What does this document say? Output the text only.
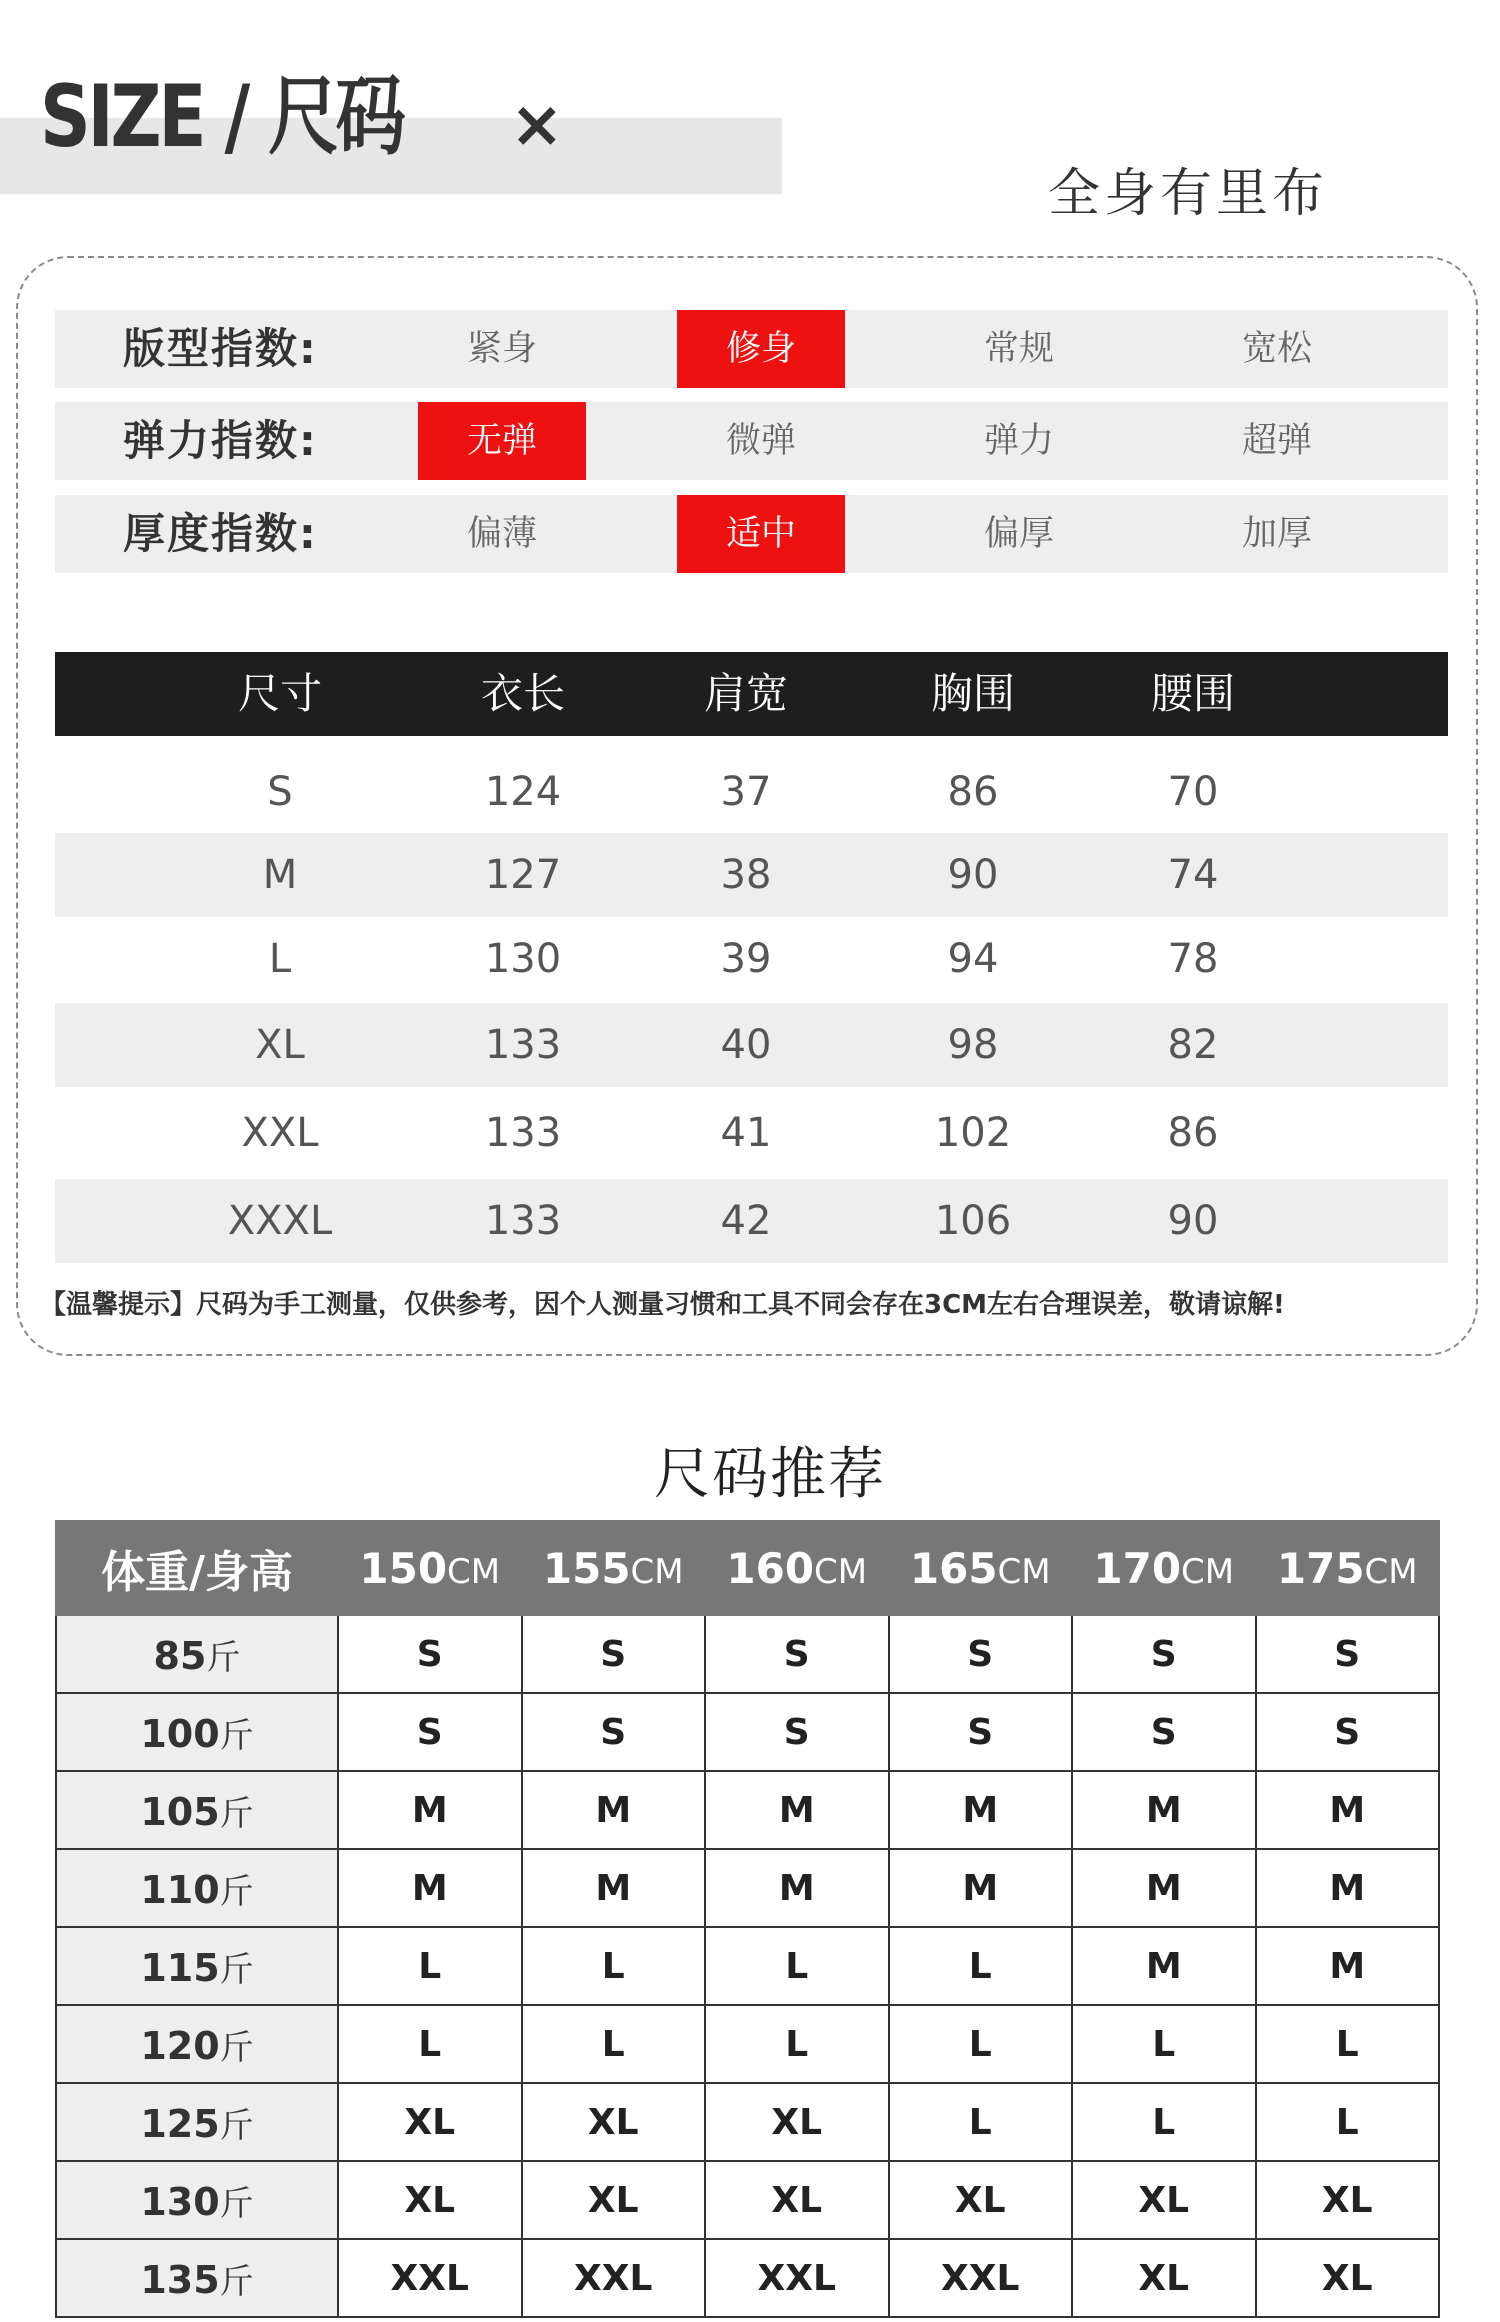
SIZE / 尺码 ×
全身有里布
版型指数:	紧身	修身	常规	宽松
弹力指数:	无弹	微弹	弹力	超弹
厚度指数:	偏薄	适中	偏厚	加厚
尺寸	衣长	肩宽	胸围	腰围
S	124	37	86	70
M	127	38	90	74
L	130	39	94	78
XL	133	40	98	82
XXL	133	41	102	86
XXXL	133	42	106	90
【温馨提示】尺码为手工测量，仅供参考，因个人测量习惯和工具不同会存在3CM左右合理误差，敬请谅解!
尺码推荐
体重/身高	150CM	155CM	160CM	165CM	170CM	175CM
85斤	S	S	S	S	S	S
100斤	S	S	S	S	S	S
105斤	M	M	M	M	M	M
110斤	M	M	M	M	M	M
115斤	L	L	L	L	M	M
120斤	L	L	L	L	L	L
125斤	XL	XL	XL	L	L	L
130斤	XL	XL	XL	XL	XL	XL
135斤	XXL	XXL	XXL	XXL	XL	XL
